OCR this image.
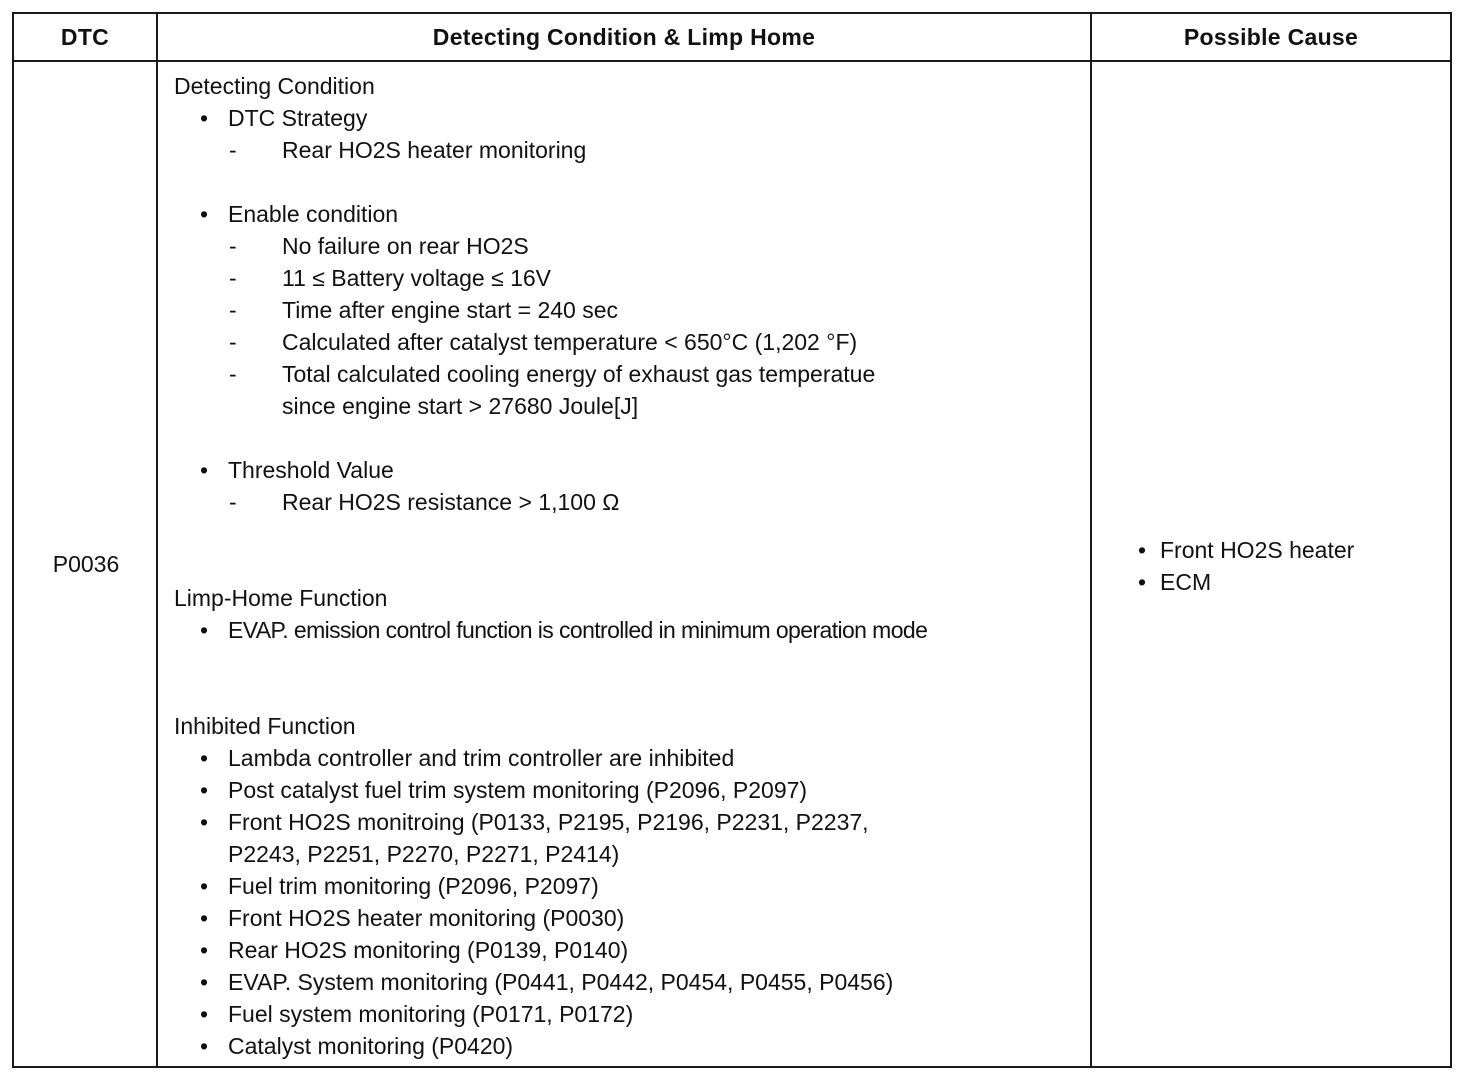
DTC	Detecting Condition & Limp Home	Possible Cause
P0036
Detecting Condition
• DTC Strategy
- Rear HO2S heater monitoring
• Enable condition
- No failure on rear HO2S
- 11 ≤ Battery voltage ≤ 16V
- Time after engine start = 240 sec
- Calculated after catalyst temperature < 650°C (1,202 °F)
- Total calculated cooling energy of exhaust gas temperatue
since engine start > 27680 Joule[J]
• Threshold Value
- Rear HO2S resistance > 1,100 Ω
Limp-Home Function
• EVAP. emission control function is controlled in minimum operation mode
Inhibited Function
• Lambda controller and trim controller are inhibited
• Post catalyst fuel trim system monitoring (P2096, P2097)
• Front HO2S monitroing (P0133, P2195, P2196, P2231, P2237,
P2243, P2251, P2270, P2271, P2414)
• Fuel trim monitoring (P2096, P2097)
• Front HO2S heater monitoring (P0030)
• Rear HO2S monitoring (P0139, P0140)
• EVAP. System monitoring (P0441, P0442, P0454, P0455, P0456)
• Fuel system monitoring (P0171, P0172)
• Catalyst monitoring (P0420)
• Front HO2S heater
• ECM
